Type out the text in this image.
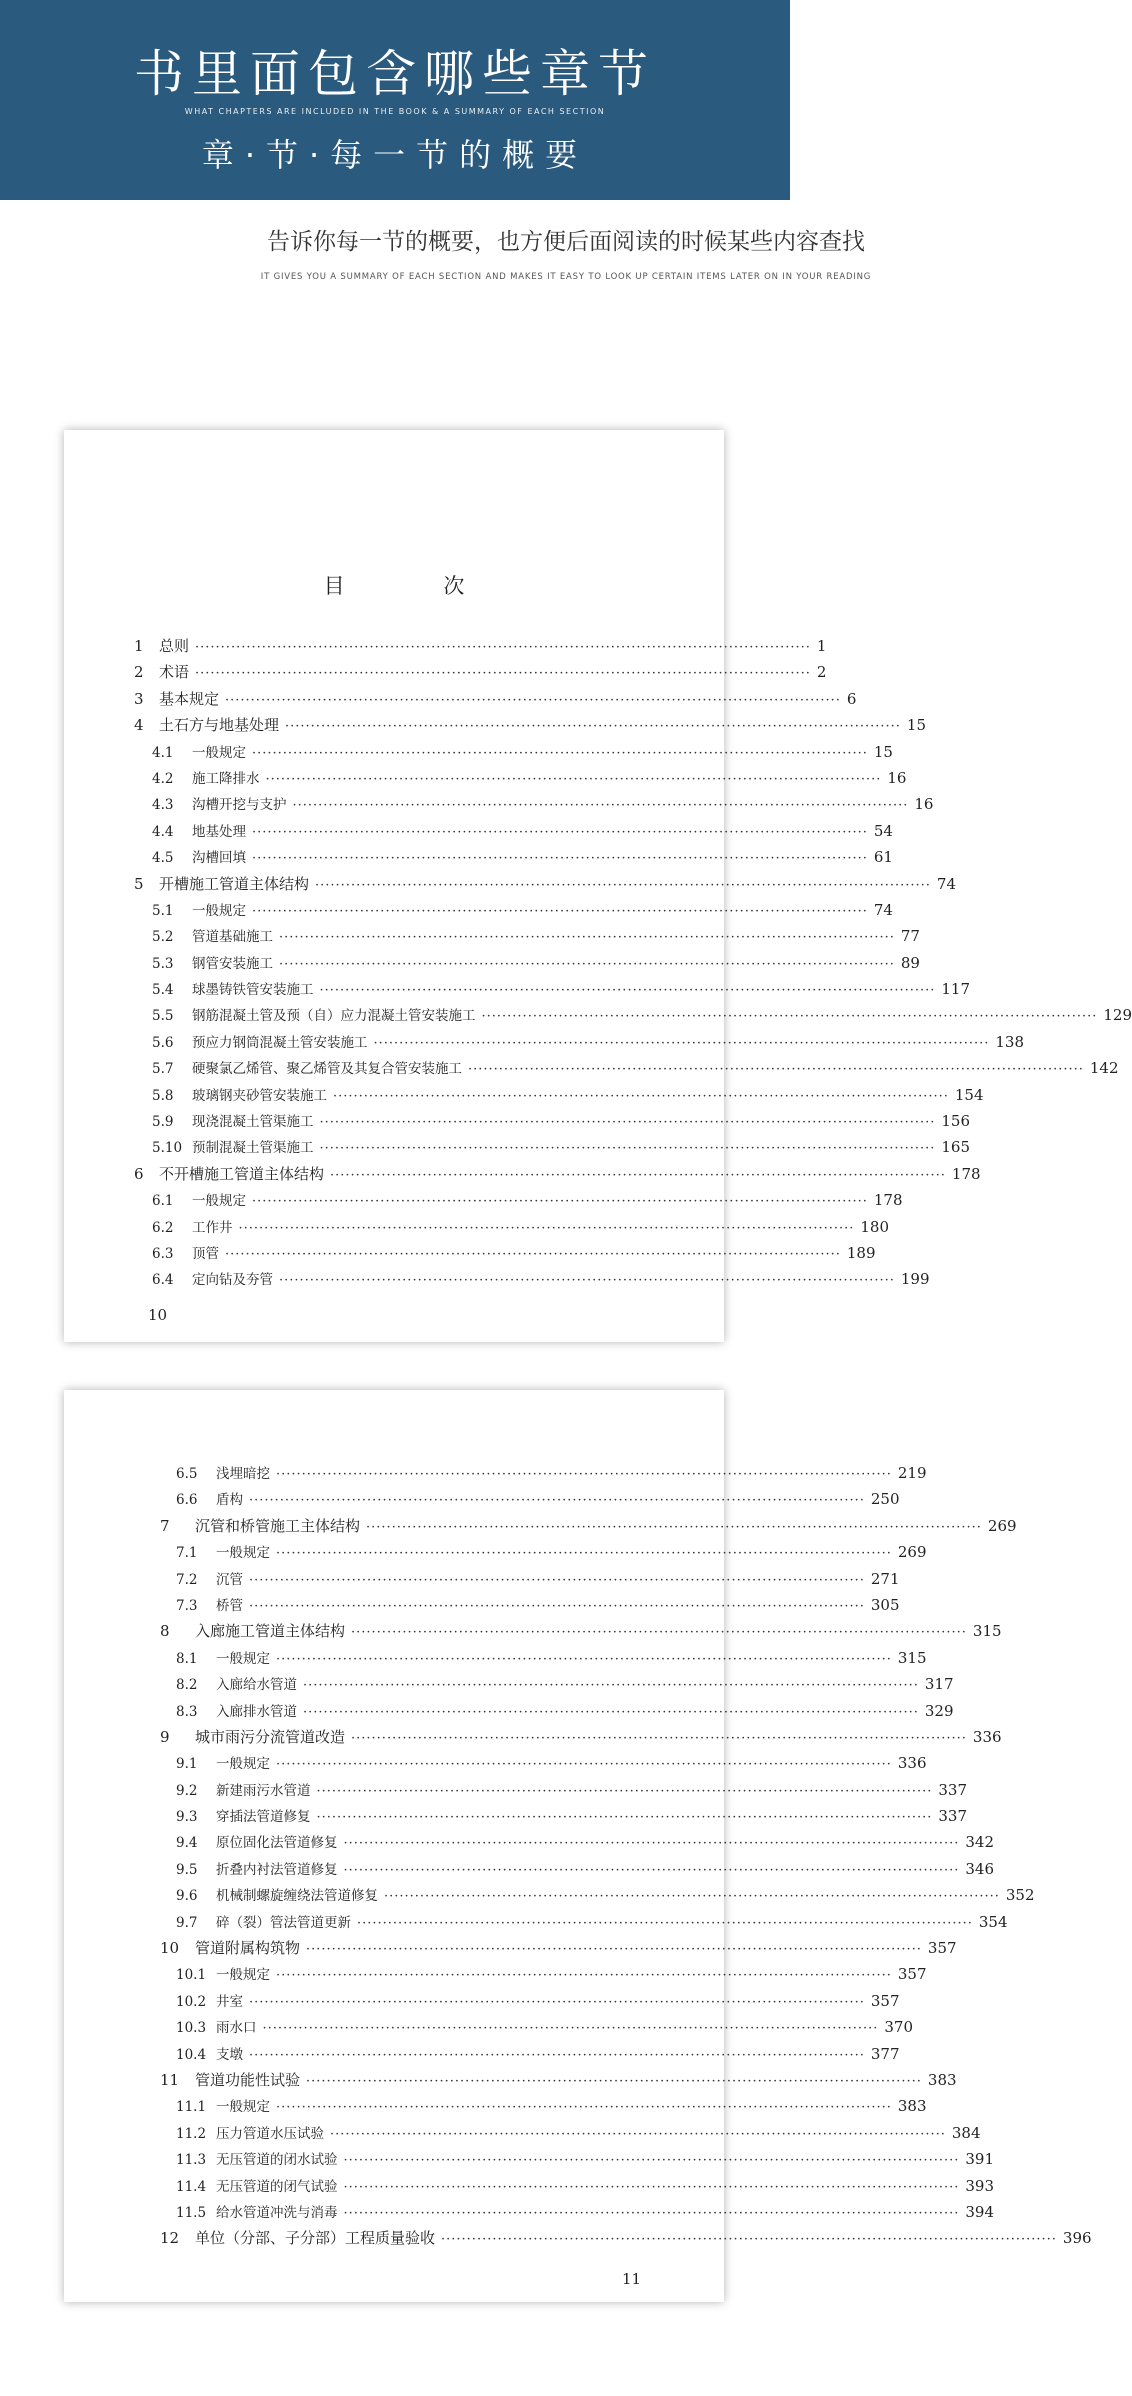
书里面包含哪些章节
WHAT CHAPTERS ARE INCLUDED IN THE BOOK & A SUMMARY OF EACH SECTION
章·节·每一节的概要
告诉你每一节的概要，也方便后面阅读的时候某些内容查找
IT GIVES YOU A SUMMARY OF EACH SECTION AND MAKES IT EASY TO LOOK UP CERTAIN ITEMS LATER ON IN YOUR READING
目 次
1	总则 ························································································································ 1
2	术语 ························································································································ 2
3	基本规定 ························································································································ 6
4	土石方与地基处理 ························································································································ 15
4.1	一般规定 ························································································································ 15
4.2	施工降排水 ························································································································ 16
4.3	沟槽开挖与支护 ························································································································ 16
4.4	地基处理 ························································································································ 54
4.5	沟槽回填 ························································································································ 61
5	开槽施工管道主体结构 ························································································································ 74
5.1	一般规定 ························································································································ 74
5.2	管道基础施工 ························································································································ 77
5.3	钢管安装施工 ························································································································ 89
5.4	球墨铸铁管安装施工 ························································································································ 117
5.5	钢筋混凝土管及预（自）应力混凝土管安装施工 ························································································································ 129
5.6	预应力钢筒混凝土管安装施工 ························································································································ 138
5.7	硬聚氯乙烯管、聚乙烯管及其复合管安装施工 ························································································································ 142
5.8	玻璃钢夹砂管安装施工 ························································································································ 154
5.9	现浇混凝土管渠施工 ························································································································ 156
5.10 预制混凝土管渠施工 ························································································································ 165
6	不开槽施工管道主体结构 ························································································································ 178
6.1	一般规定 ························································································································ 178
6.2	工作井 ························································································································ 180
6.3	顶管 ························································································································ 189
6.4	定向钻及夯管 ························································································································ 199
10
6.5	浅埋暗挖 ························································································································ 219
6.6	盾构 ························································································································ 250
7	沉管和桥管施工主体结构 ························································································································ 269
7.1	一般规定 ························································································································ 269
7.2	沉管 ························································································································ 271
7.3	桥管 ························································································································ 305
8	入廊施工管道主体结构 ························································································································ 315
8.1	一般规定 ························································································································ 315
8.2	入廊给水管道 ························································································································ 317
8.3	入廊排水管道 ························································································································ 329
9	城市雨污分流管道改造 ························································································································ 336
9.1	一般规定 ························································································································ 336
9.2	新建雨污水管道 ························································································································ 337
9.3	穿插法管道修复 ························································································································ 337
9.4	原位固化法管道修复 ························································································································ 342
9.5	折叠内衬法管道修复 ························································································································ 346
9.6	机械制螺旋缠绕法管道修复 ························································································································ 352
9.7	碎（裂）管法管道更新 ························································································································ 354
10	管道附属构筑物 ························································································································ 357
10.1 一般规定 ························································································································ 357
10.2 井室 ························································································································ 357
10.3 雨水口 ························································································································ 370
10.4 支墩 ························································································································ 377
11	管道功能性试验 ························································································································ 383
11.1 一般规定 ························································································································ 383
11.2 压力管道水压试验 ························································································································ 384
11.3 无压管道的闭水试验 ························································································································ 391
11.4 无压管道的闭气试验 ························································································································ 393
11.5 给水管道冲洗与消毒 ························································································································ 394
12	单位（分部、子分部）工程质量验收 ························································································································ 396
11
